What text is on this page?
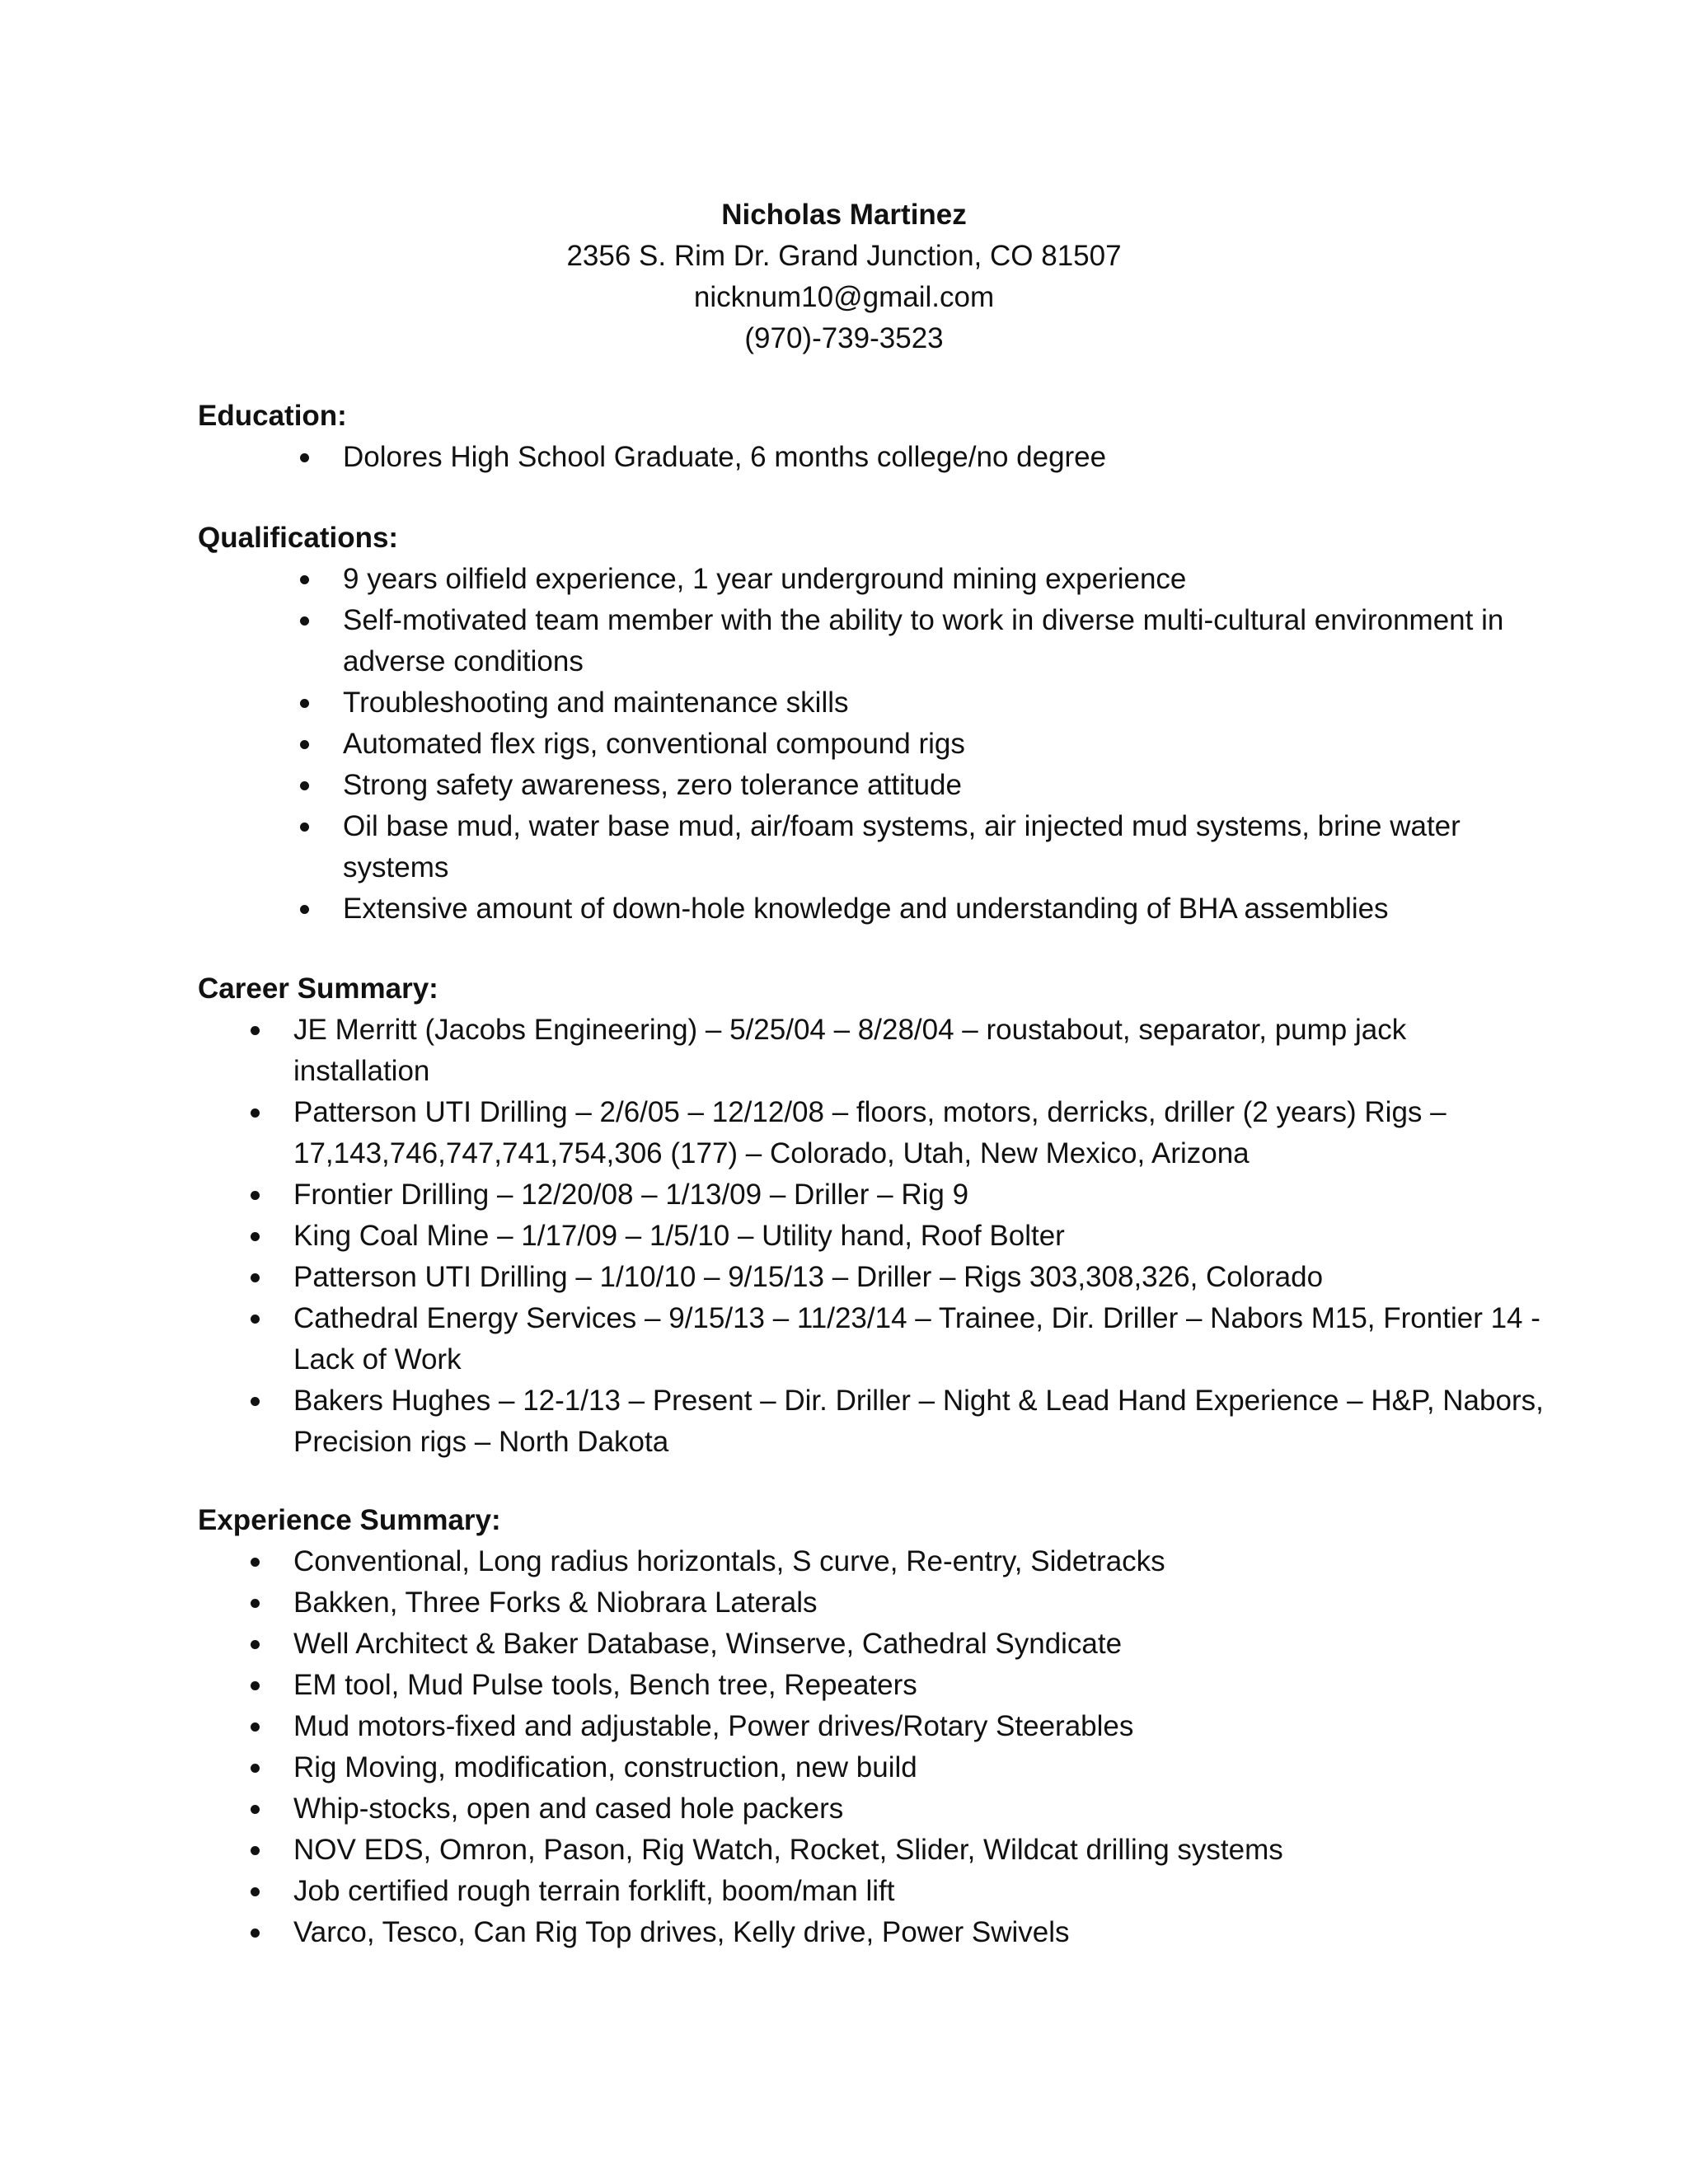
Nicholas Martinez
2356 S. Rim Dr. Grand Junction, CO 81507
nicknum10@gmail.com
(970)-739-3523
Education:
Dolores High School Graduate, 6 months college/no degree
Qualifications:
9 years oilfield experience, 1 year underground mining experience
Self-motivated team member with the ability to work in diverse multi-cultural environment in adverse conditions
Troubleshooting and maintenance skills
Automated flex rigs, conventional compound rigs
Strong safety awareness, zero tolerance attitude
Oil base mud, water base mud, air/foam systems, air injected mud systems, brine water systems
Extensive amount of down-hole knowledge and understanding of BHA assemblies
Career Summary:
JE Merritt (Jacobs Engineering) – 5/25/04 – 8/28/04 – roustabout, separator, pump jack installation
Patterson UTI Drilling – 2/6/05 – 12/12/08 – floors, motors, derricks, driller (2 years) Rigs – 17,143,746,747,741,754,306 (177) – Colorado, Utah, New Mexico, Arizona
Frontier Drilling – 12/20/08 – 1/13/09 – Driller – Rig 9
King Coal Mine – 1/17/09 – 1/5/10 – Utility hand, Roof Bolter
Patterson UTI Drilling – 1/10/10 – 9/15/13 – Driller – Rigs 303,308,326, Colorado
Cathedral Energy Services – 9/15/13 – 11/23/14 – Trainee, Dir. Driller – Nabors M15, Frontier 14 - Lack of Work
Bakers Hughes – 12-1/13 – Present – Dir. Driller – Night & Lead Hand Experience – H&P, Nabors, Precision rigs – North Dakota
Experience Summary:
Conventional, Long radius horizontals, S curve, Re-entry, Sidetracks
Bakken, Three Forks & Niobrara Laterals
Well Architect & Baker Database, Winserve, Cathedral Syndicate
EM tool, Mud Pulse tools, Bench tree, Repeaters
Mud motors-fixed and adjustable, Power drives/Rotary Steerables
Rig Moving, modification, construction, new build
Whip-stocks, open and cased hole packers
NOV EDS, Omron, Pason, Rig Watch, Rocket, Slider, Wildcat drilling systems
Job certified rough terrain forklift, boom/man lift
Varco, Tesco, Can Rig Top drives, Kelly drive, Power Swivels
